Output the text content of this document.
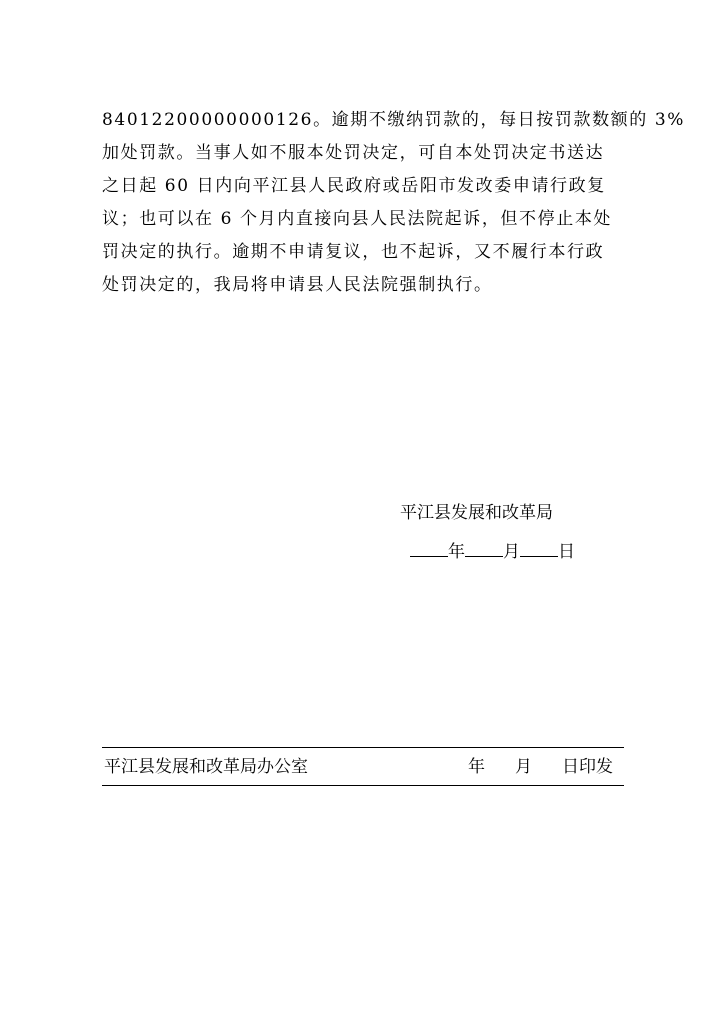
84012200000000126。逾期不缴纳罚款的，每日按罚款数额的 3%
加处罚款。当事人如不服本处罚决定，可自本处罚决定书送达
之日起 60 日内向平江县人民政府或岳阳市发改委申请行政复
议；也可以在 6 个月内直接向县人民法院起诉，但不停止本处
罚决定的执行。逾期不申请复议，也不起诉，又不履行本行政
处罚决定的，我局将申请县人民法院强制执行。
平江县发展和改革局
年 月 日
平江县发展和改革局办公室	年 月 日印发
